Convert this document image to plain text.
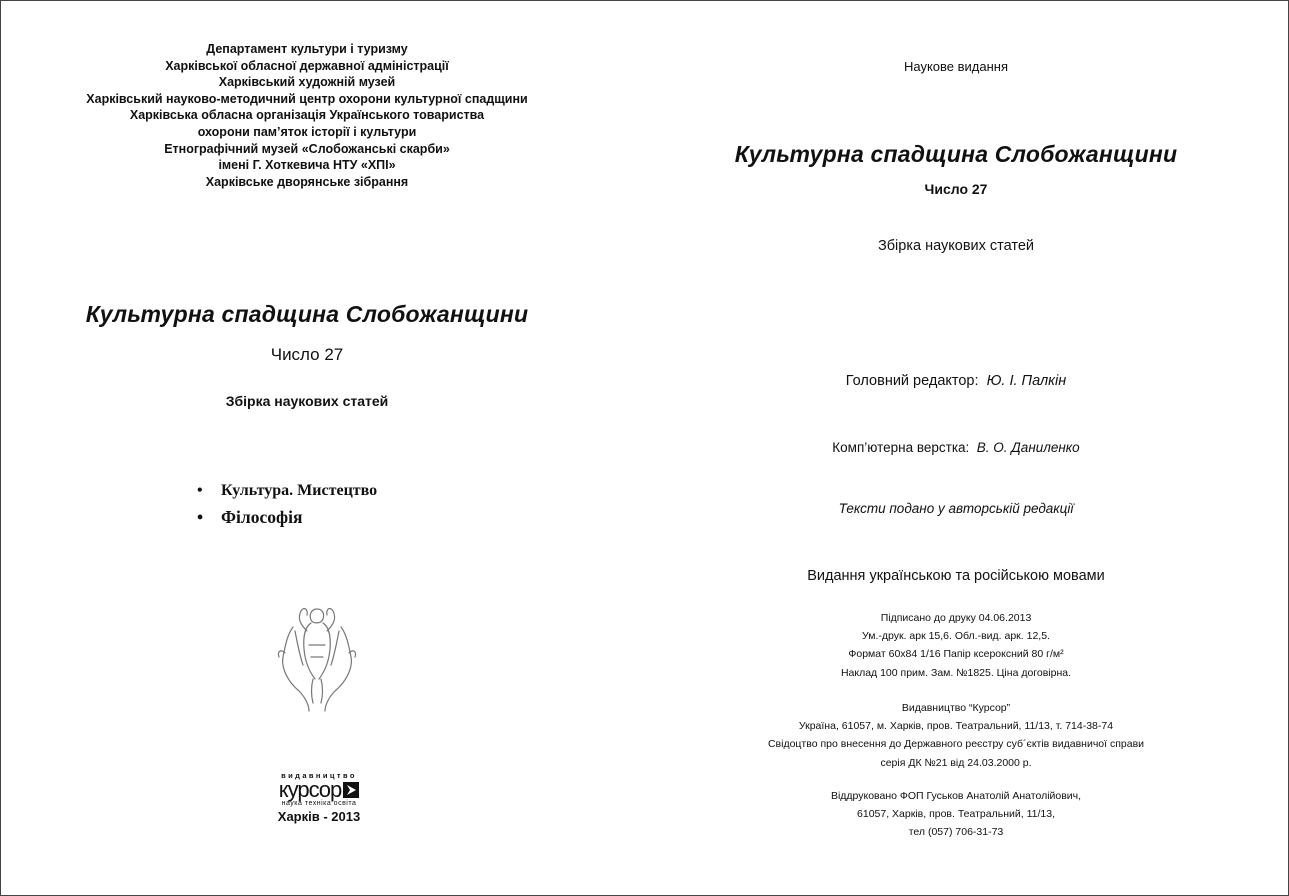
Департамент культури і туризму
Харківської обласної державної адміністрації
Харківський художній музей
Харківський науково-методичний центр охорони культурної спадщини
Харківська обласна організація Українського товариства
охорони пам’яток історії і культури
Етнографічний музей «Слобожанські скарби»
імені Г. Хоткевича НТУ «ХПІ»
Харківське дворянське зібрання
Культурна спадщина Слобожанщини
Число 27
Збірка наукових статей
• Культура. Мистецтво
• Філософія
видавництво
курсор
наука техніка освіта
Харків - 2013
Наукове видання
Культурна спадщина Слобожанщини
Число 27
Збірка наукових статей
Головний редактор: Ю. І. Палкін
Комп’ютерна верстка: В. О. Даниленко
Тексти подано у авторській редакції
Видання українською та російською мовами
Підписано до друку 04.06.2013
Ум.-друк. арк 15,6. Обл.-вид. арк. 12,5.
Формат 60x84 1/16 Папір ксероксний 80 г/м²
Наклад 100 прим. Зам. №1825. Ціна договірна.
Видавництво “Курсор”
Україна, 61057, м. Харків, пров. Театральний, 11/13, т. 714-38-74
Свідоцтво про внесення до Державного реєстру суб´єктів видавничої справи
серія ДК №21 від 24.03.2000 р.
Віддруковано ФОП Гуськов Анатолій Анатолійович,
61057, Харків, пров. Театральний, 11/13,
тел (057) 706-31-73
